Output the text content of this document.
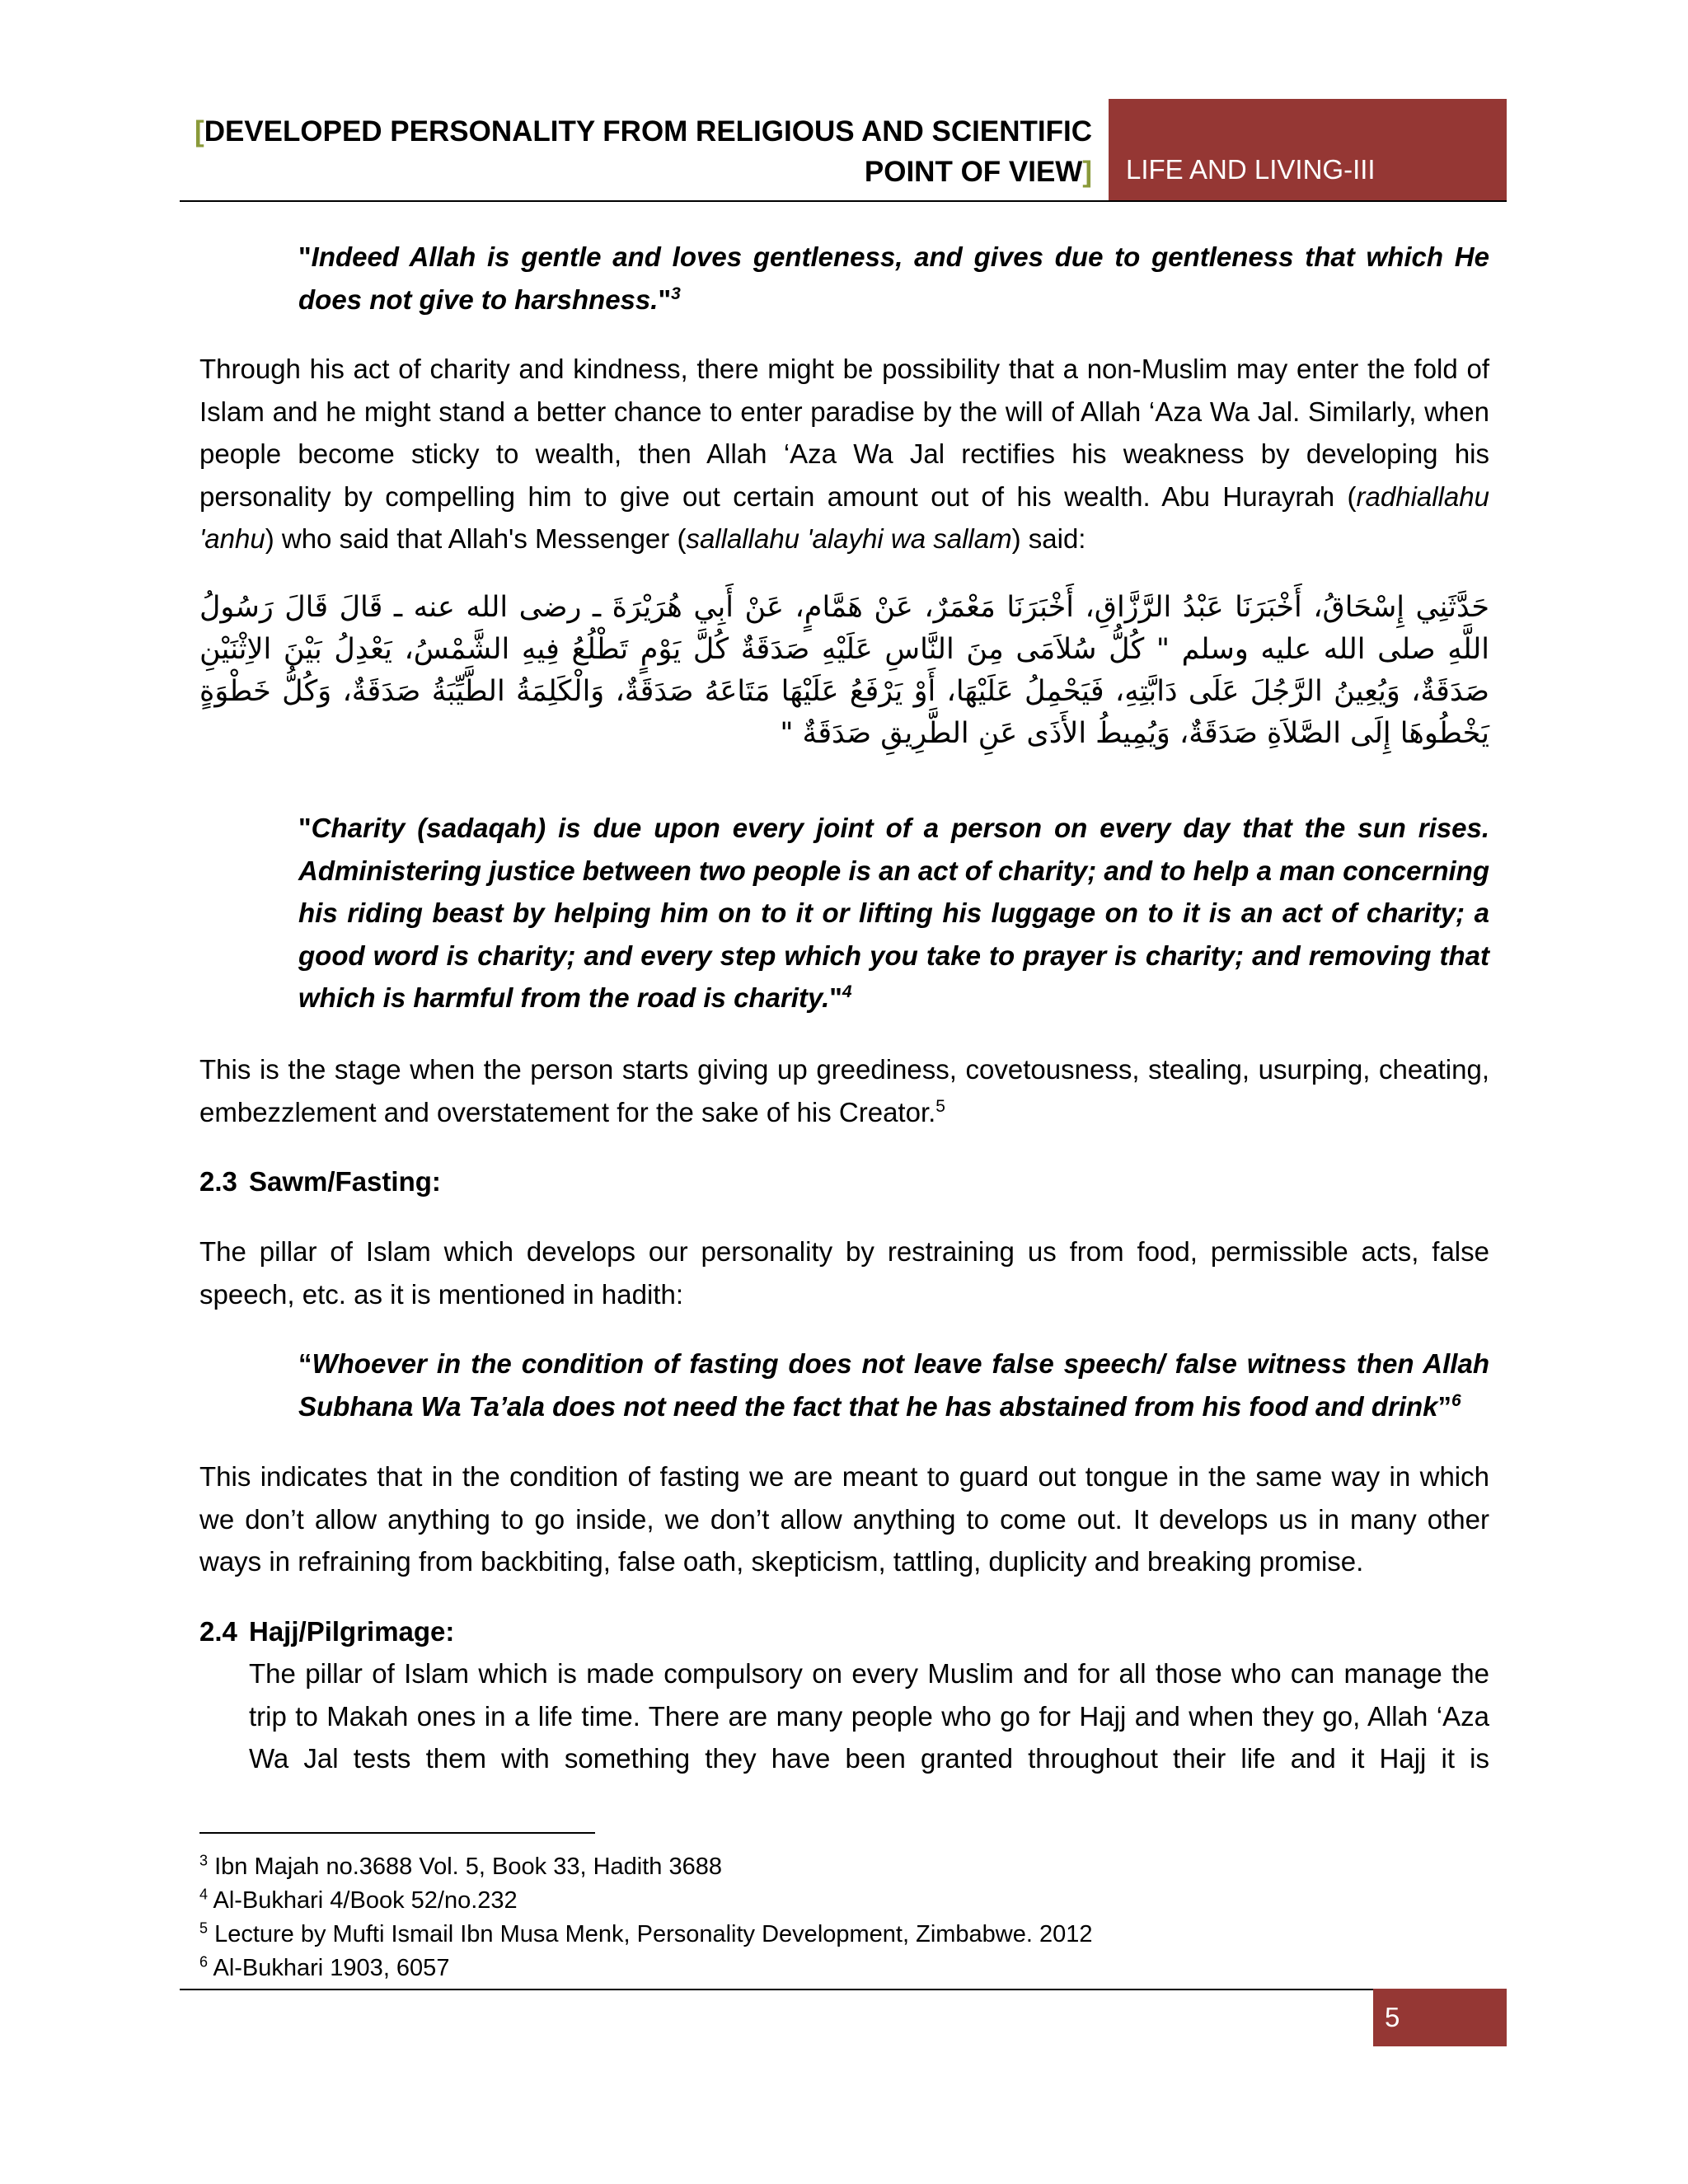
[DEVELOPED PERSONALITY FROM RELIGIOUS AND SCIENTIFIC
POINT OF VIEW] LIFE AND LIVING-III
"Indeed Allah is gentle and loves gentleness, and gives due to gentleness that which He does not give to harshness."$^3$
Through his act of charity and kindness, there might be possibility that a non-Muslim may enter the fold of Islam and he might stand a better chance to enter paradise by the will of Allah ‘Aza Wa Jal. Similarly, when people become sticky to wealth, then Allah ‘Aza Wa Jal rectifies his weakness by developing his personality by compelling him to give out certain amount out of his wealth. Abu Hurayrah (radhiallahu 'anhu) who said that Allah's Messenger (sallallahu 'alayhi wa sallam) said:
حَدَّثَنِي إِسْحَاقُ، أَخْبَرَنَا عَبْدُ الرَّزَّاقِ، أَخْبَرَنَا مَعْمَرٌ، عَنْ هَمَّامٍ، عَنْ أَبِي هُرَيْرَةَ ـ رضى الله عنه ـ قَالَ قَالَ رَسُولُ اللَّهِ صلى الله عليه وسلم " كُلُّ سُلاَمَى مِنَ النَّاسِ عَلَيْهِ صَدَقَةٌ كُلَّ يَوْمٍ تَطْلُعُ فِيهِ الشَّمْسُ، يَعْدِلُ بَيْنَ الاِثْنَيْنِ صَدَقَةٌ، وَيُعِينُ الرَّجُلَ عَلَى دَابَّتِهِ، فَيَحْمِلُ عَلَيْهَا، أَوْ يَرْفَعُ عَلَيْهَا مَتَاعَهُ صَدَقَةٌ، وَالْكَلِمَةُ الطَّيِّبَةُ صَدَقَةٌ، وَكُلُّ خَطْوَةٍ يَخْطُوهَا إِلَى الصَّلاَةِ صَدَقَةٌ، وَيُمِيطُ الأَذَى عَنِ الطَّرِيقِ صَدَقَةٌ "
"Charity (sadaqah) is due upon every joint of a person on every day that the sun rises. Administering justice between two people is an act of charity; and to help a man concerning his riding beast by helping him on to it or lifting his luggage on to it is an act of charity; a good word is charity; and every step which you take to prayer is charity; and removing that which is harmful from the road is charity."$^4$
This is the stage when the person starts giving up greediness, covetousness, stealing, usurping, cheating, embezzlement and overstatement for the sake of his Creator.$^5$
2.3 Sawm/Fasting:
The pillar of Islam which develops our personality by restraining us from food, permissible acts, false speech, etc. as it is mentioned in hadith:
“Whoever in the condition of fasting does not leave false speech/ false witness then Allah Subhana Wa Ta’ala does not need the fact that he has abstained from his food and drink”$^6$
This indicates that in the condition of fasting we are meant to guard out tongue in the same way in which we don’t allow anything to go inside, we don’t allow anything to come out. It develops us in many other ways in refraining from backbiting, false oath, skepticism, tattling, duplicity and breaking promise.
2.4 Hajj/Pilgrimage:
The pillar of Islam which is made compulsory on every Muslim and for all those who can manage the trip to Makah ones in a life time. There are many people who go for Hajj and when they go, Allah ‘Aza Wa Jal tests them with something they have been granted throughout their life and it Hajj it is
$^3$ Ibn Majah no.3688 Vol. 5, Book 33, Hadith 3688
$^4$ Al-Bukhari 4/Book 52/no.232
$^5$ Lecture by Mufti Ismail Ibn Musa Menk, Personality Development, Zimbabwe. 2012
$^6$ Al-Bukhari 1903, 6057
5
